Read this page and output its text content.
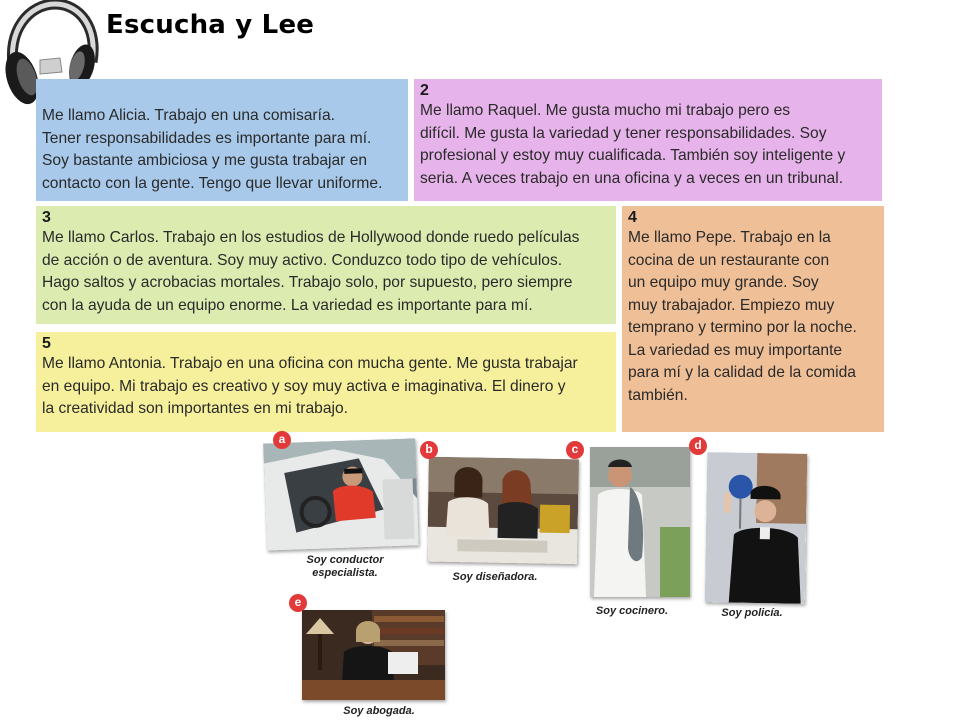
Escucha y Lee
Me llamo Alicia. Trabajo en una comisaría.
Tener responsabilidades es importante para mí.
Soy bastante ambiciosa y me gusta trabajar en
contacto con la gente. Tengo que llevar uniforme.
2
Me llamo Raquel. Me gusta mucho mi trabajo pero es
difícil. Me gusta la variedad y tener responsabilidades. Soy
profesional y estoy muy cualificada. También soy inteligente y
seria. A veces trabajo en una oficina y a veces en un tribunal.
3
Me llamo Carlos. Trabajo en los estudios de Hollywood donde ruedo películas
de acción o de aventura. Soy muy activo. Conduzco todo tipo de vehículos.
Hago saltos y acrobacias mortales. Trabajo solo, por supuesto, pero siempre
con la ayuda de un equipo enorme. La variedad es importante para mí.
4
Me llamo Pepe. Trabajo en la
cocina de un restaurante con
un equipo muy grande. Soy
muy trabajador. Empiezo muy
temprano y termino por la noche.
La variedad es muy importante
para mí y la calidad de la comida
también.
5
Me llamo Antonia. Trabajo en una oficina con mucha gente. Me gusta trabajar
en equipo. Mi trabajo es creativo y soy muy activa e imaginativa. El dinero y
la creatividad son importantes en mi trabajo.
a
Soy conductor
especialista.
b
Soy diseñadora.
c
Soy cocinero.
d
Soy policía.
e
Soy abogada.
